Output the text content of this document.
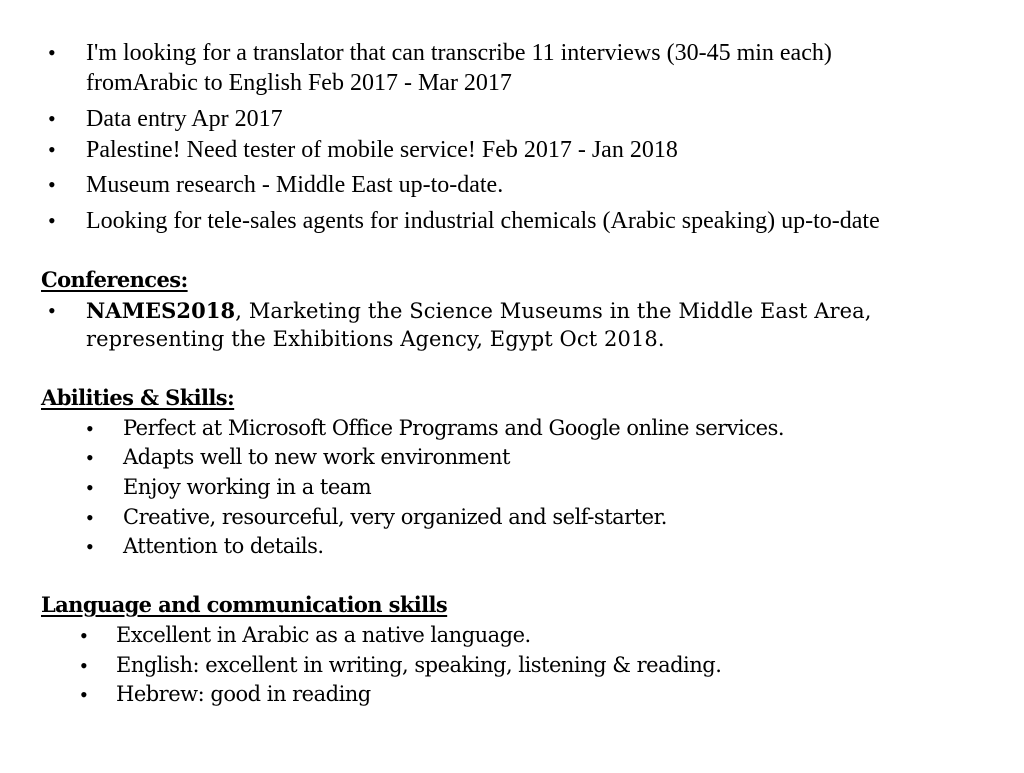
• I'm looking for a translator that can transcribe 11 interviews (30-45 min each)
fromArabic to English Feb 2017 - Mar 2017
• Data entry Apr 2017
• Palestine! Need tester of mobile service! Feb 2017 - Jan 2018
• Museum research - Middle East up-to-date.
• Looking for tele-sales agents for industrial chemicals (Arabic speaking) up-to-date
Conferences:
• NAMES2018, Marketing the Science Museums in the Middle East Area,
representing the Exhibitions Agency, Egypt Oct 2018.
Abilities & Skills:
• Perfect at Microsoft Office Programs and Google online services.
• Adapts well to new work environment
• Enjoy working in a team
• Creative, resourceful, very organized and self-starter.
• Attention to details.
Language and communication skills
• Excellent in Arabic as a native language.
• English: excellent in writing, speaking, listening & reading.
• Hebrew: good in reading
